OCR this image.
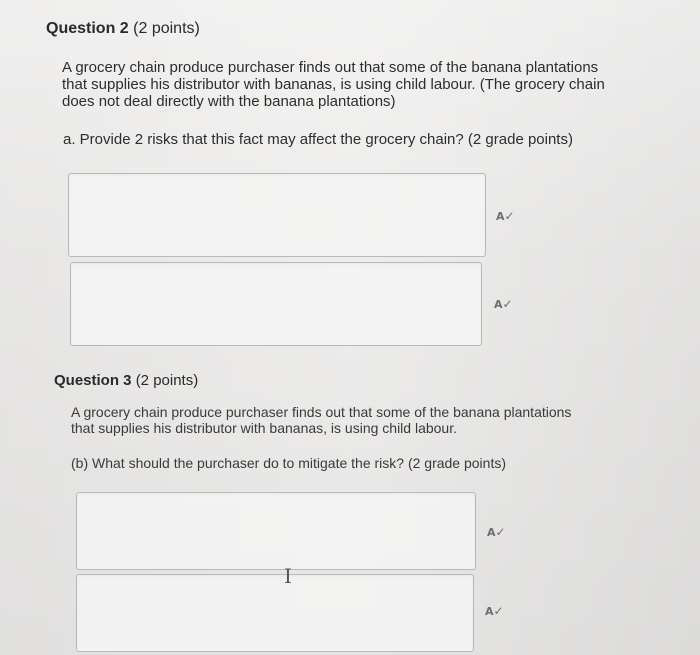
Question 2 (2 points)
A grocery chain produce purchaser finds out that some of the banana plantations
that supplies his distributor with bananas, is using child labour. (The grocery chain
does not deal directly with the banana plantations)
a. Provide 2 risks that this fact may affect the grocery chain? (2 grade points)
A✓
A✓
Question 3 (2 points)
A grocery chain produce purchaser finds out that some of the banana plantations
that supplies his distributor with bananas, is using child labour.
(b) What should the purchaser do to mitigate the risk? (2 grade points)
A✓
A✓
I
